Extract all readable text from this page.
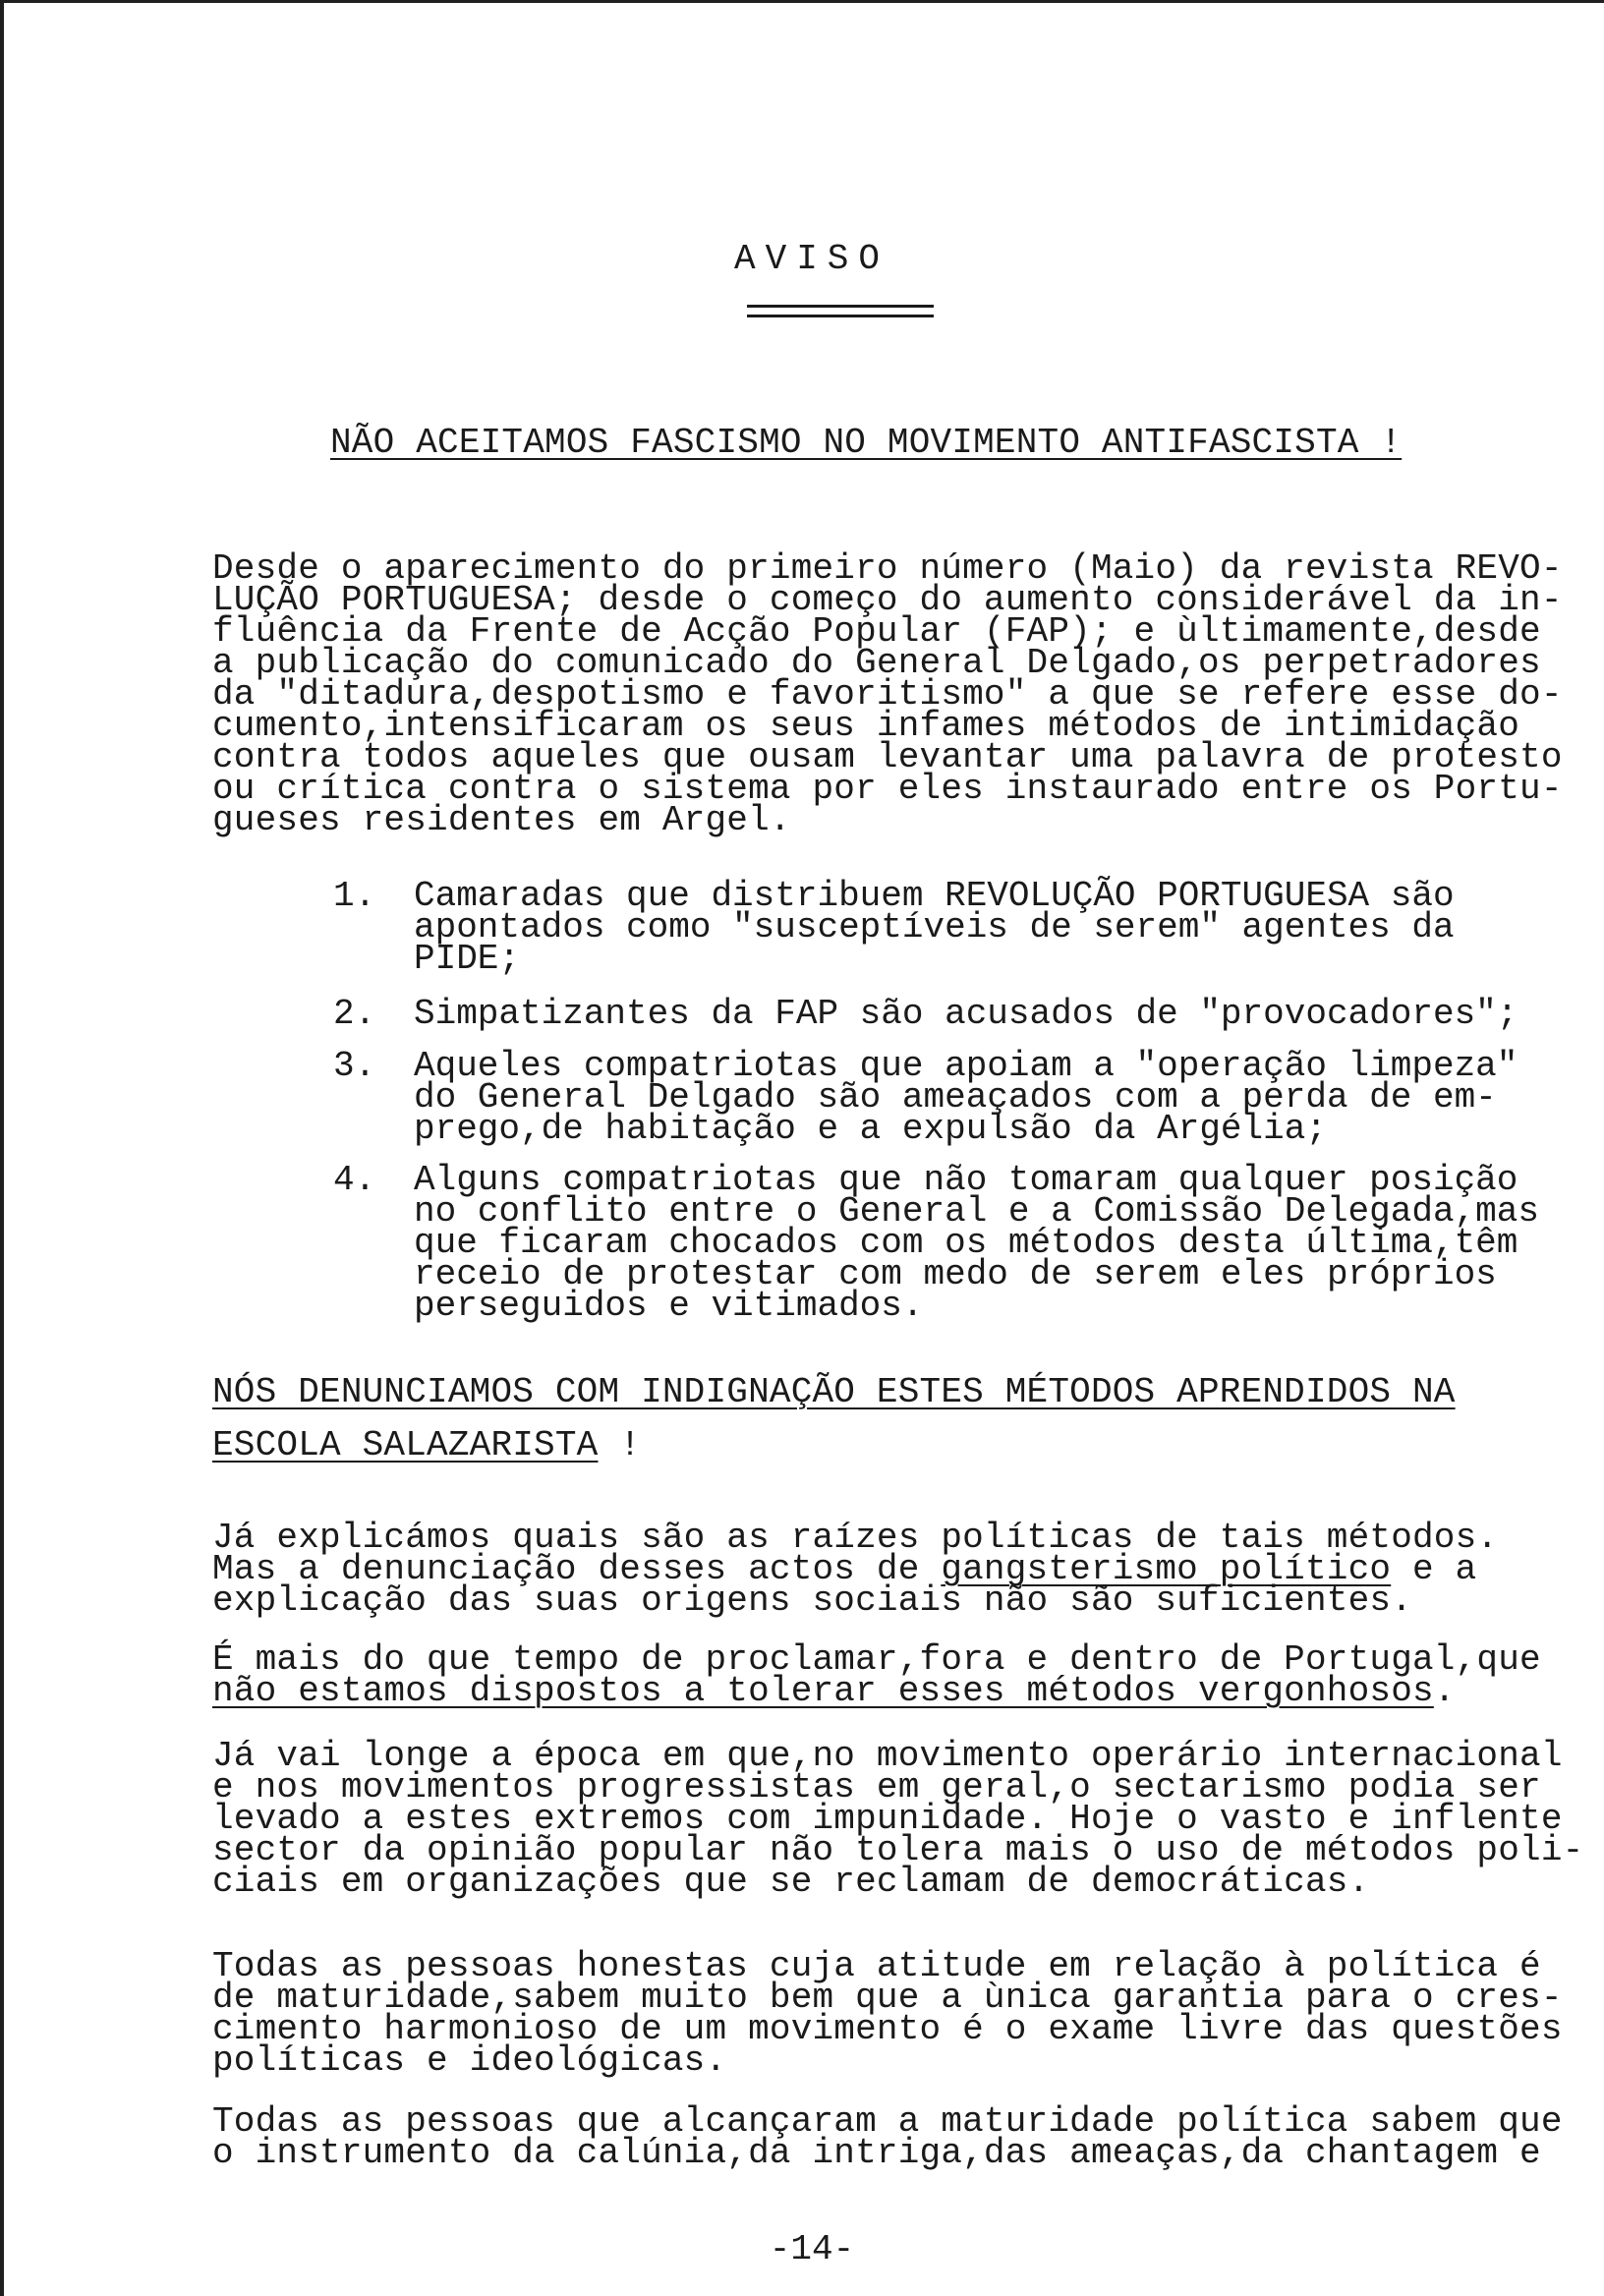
AVISO
NÃO ACEITAMOS FASCISMO NO MOVIMENTO ANTIFASCISTA !
Desde o aparecimento do primeiro número (Maio) da revista REVO-
LUÇÃO PORTUGUESA; desde o começo do aumento considerável da in-
fluência da Frente de Acção Popular (FAP); e ùltimamente,desde
a publicação do comunicado do General Delgado,os perpetradores
da "ditadura,despotismo e favoritismo" a que se refere esse do-
cumento,intensificaram os seus infames métodos de intimidação
contra todos aqueles que ousam levantar uma palavra de protesto
ou crítica contra o sistema por eles instaurado entre os Portu-
gueses residentes em Argel.
1. Camaradas que distribuem REVOLUÇÃO PORTUGUESA são
apontados como "susceptíveis de serem" agentes da
PIDE;
2. Simpatizantes da FAP são acusados de "provocadores";
3. Aqueles compatriotas que apoiam a "operação limpeza"
do General Delgado são ameaçados com a perda de em-
prego,de habitação e a expulsão da Argélia;
4. Alguns compatriotas que não tomaram qualquer posição
no conflito entre o General e a Comissão Delegada,mas
que ficaram chocados com os métodos desta última,têm
receio de protestar com medo de serem eles próprios
perseguidos e vitimados.
NÓS DENUNCIAMOS COM INDIGNAÇÃO ESTES MÉTODOS APRENDIDOS NA
ESCOLA SALAZARISTA !
Já explicámos quais são as raízes políticas de tais métodos.
Mas a denunciação desses actos de gangsterismo político e a
explicação das suas origens sociais não são suficientes.
É mais do que tempo de proclamar,fora e dentro de Portugal,que
não estamos dispostos a tolerar esses métodos vergonhosos.
Já vai longe a época em que,no movimento operário internacional
e nos movimentos progressistas em geral,o sectarismo podia ser
levado a estes extremos com impunidade. Hoje o vasto e inflente
sector da opinião popular não tolera mais o uso de métodos poli-
ciais em organizações que se reclamam de democráticas.
Todas as pessoas honestas cuja atitude em relação à política é
de maturidade,sabem muito bem que a ùnica garantia para o cres-
cimento harmonioso de um movimento é o exame livre das questões
políticas e ideológicas.
Todas as pessoas que alcançaram a maturidade política sabem que
o instrumento da calúnia,da intriga,das ameaças,da chantagem e
-14-
